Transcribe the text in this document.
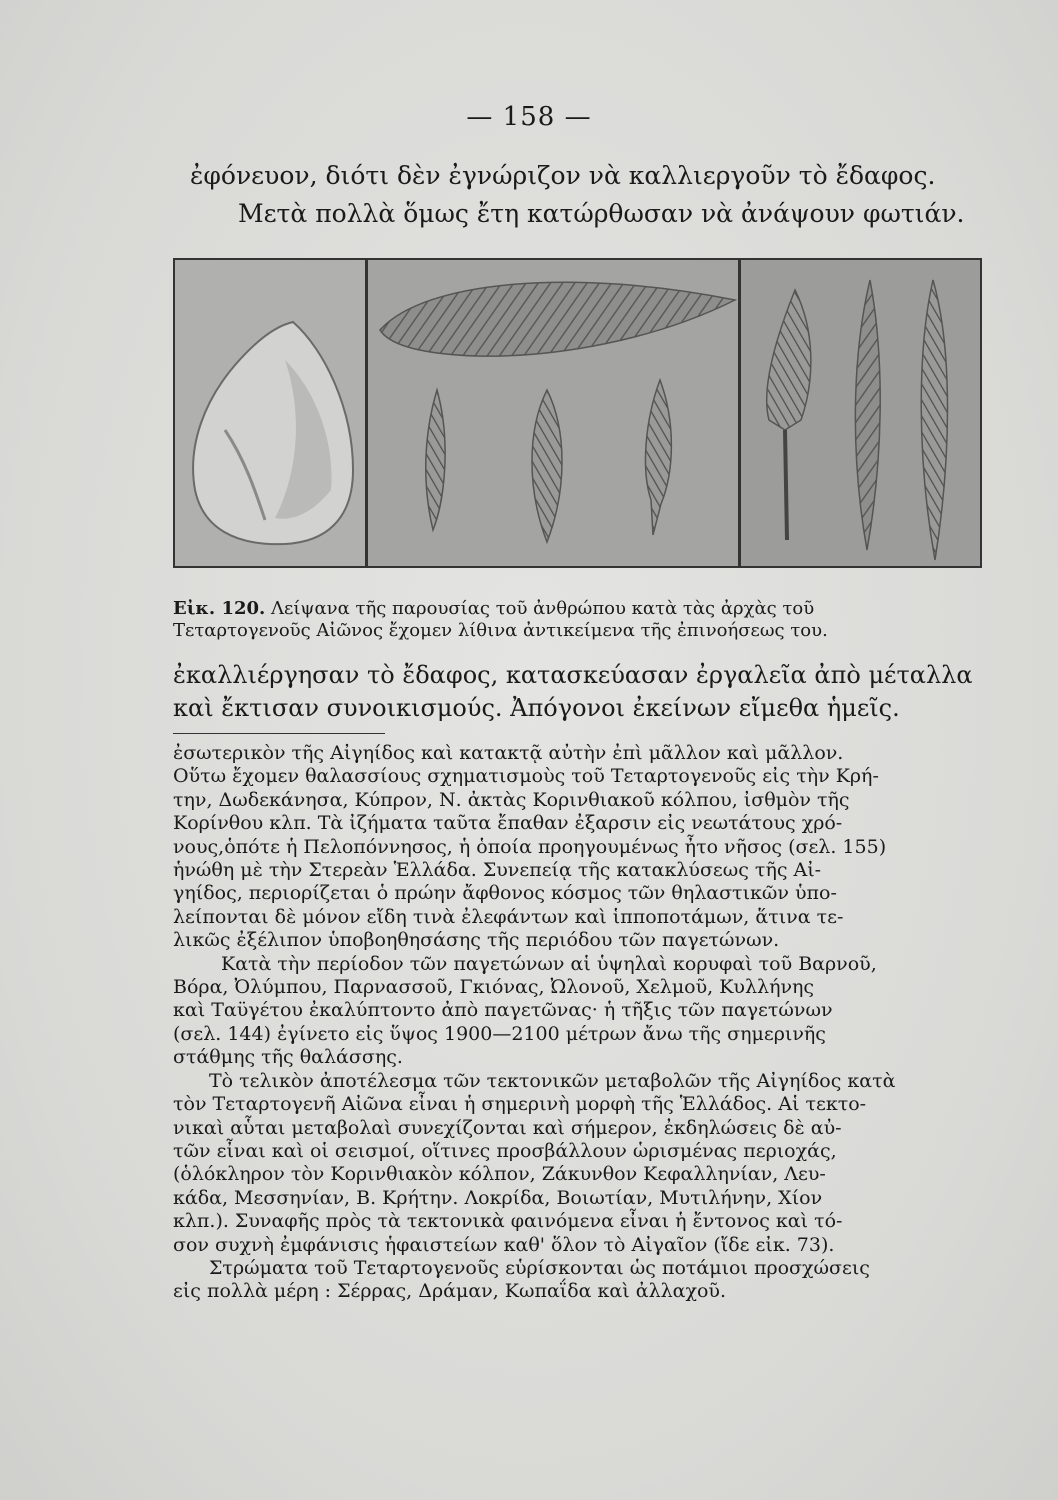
— 158 —

ἐφόνευον, διότι δὲν ἐγνώριζον νὰ καλλιεργοῦν τὸ ἔδαφος.

Μετὰ πολλὰ ὅμως ἔτη κατώρθωσαν νὰ ἀνάψουν φωτιάν.

Εἰκ. 120. Λείψανα τῆς παρουσίας τοῦ ἀνθρώπου κατὰ τὰς ἀρχὰς τοῦ

Τεταρτογενοῦς Αἰῶνος ἔχομεν λίθινα ἀντικείμενα τῆς ἐπινοήσεως του.

ἐκαλλιέργησαν τὸ ἔδαφος, κατασκεύασαν ἐργαλεῖα ἀπὸ μέταλλα

καὶ ἔκτισαν συνοικισμούς. Ἀπόγονοι ἐκείνων εἴμεθα ἡμεῖς.

ἐσωτερικὸν τῆς Αἰγηίδος καὶ κατακτᾷ αὐτὴν ἐπὶ μᾶλλον καὶ μᾶλλον.

Οὕτω ἔχομεν θαλασσίους σχηματισμοὺς τοῦ Τεταρτογενοῦς εἰς τὴν Κρή-

την, Δωδεκάνησα, Κύπρον, Ν. ἀκτὰς Κορινθιακοῦ κόλπου, ἰσθμὸν τῆς

Κορίνθου κλπ. Τὰ ἰζήματα ταῦτα ἔπαθαν ἐξαρσιν εἰς νεωτάτους χρό-

νους,ὁπότε ἡ Πελοπόννησος, ἡ ὁποία προηγουμένως ἦτο νῆσος (σελ. 155)

ἡνώθη μὲ τὴν Στερεὰν Ἑλλάδα. Συνεπείᾳ τῆς κατακλύσεως τῆς Αἰ-

γηίδος, περιορίζεται ὁ πρώην ἄφθονος κόσμος τῶν θηλαστικῶν ὑπο-

λείπονται δὲ μόνον εἴδη τινὰ ἐλεφάντων καὶ ἱπποποτάμων, ἅτινα τε-

λικῶς ἐξέλιπον ὑποβοηθησάσης τῆς περιόδου τῶν παγετώνων.

Κατὰ τὴν περίοδον τῶν παγετώνων αἱ ὑψηλαὶ κορυφαὶ τοῦ Βαρνοῦ,

Βόρα, Ὀλύμπου, Παρνασσοῦ, Γκιόνας, Ὠλονοῦ, Χελμοῦ, Κυλλήνης

καὶ Ταϋγέτου ἐκαλύπτοντο ἀπὸ παγετῶνας· ἡ τῆξις τῶν παγετώνων

(σελ. 144) ἐγίνετο εἰς ὕψος 1900—2100 μέτρων ἄνω τῆς σημερινῆς

στάθμης τῆς θαλάσσης.

Τὸ τελικὸν ἀποτέλεσμα τῶν τεκτονικῶν μεταβολῶν τῆς Αἰγηίδος κατὰ

τὸν Τεταρτογενῆ Αἰῶνα εἶναι ἡ σημερινὴ μορφὴ τῆς Ἑλλάδος. Αἱ τεκτο-

νικαὶ αὗται μεταβολαὶ συνεχίζονται καὶ σήμερον, ἐκδηλώσεις δὲ αὐ-

τῶν εἶναι καὶ οἱ σεισμοί, οἵτινες προσβάλλουν ὡρισμένας περιοχάς,

(ὁλόκληρον τὸν Κορινθιακὸν κόλπον, Ζάκυνθον Κεφαλληνίαν, Λευ-

κάδα, Μεσσηνίαν, Β. Κρήτην. Λοκρίδα, Βοιωτίαν, Μυτιλήνην, Χίον

κλπ.). Συναφῆς πρὸς τὰ τεκτονικὰ φαινόμενα εἶναι ἡ ἔντονος καὶ τό-

σον συχνὴ ἐμφάνισις ἡφαιστείων καθ' ὅλον τὸ Αἰγαῖον (ἴδε εἰκ. 73).

Στρώματα τοῦ Τεταρτογενοῦς εὑρίσκονται ὡς ποτάμιοι προσχώσεις

εἰς πολλὰ μέρη : Σέρρας, Δράμαν, Κωπαΐδα καὶ ἀλλαχοῦ.
